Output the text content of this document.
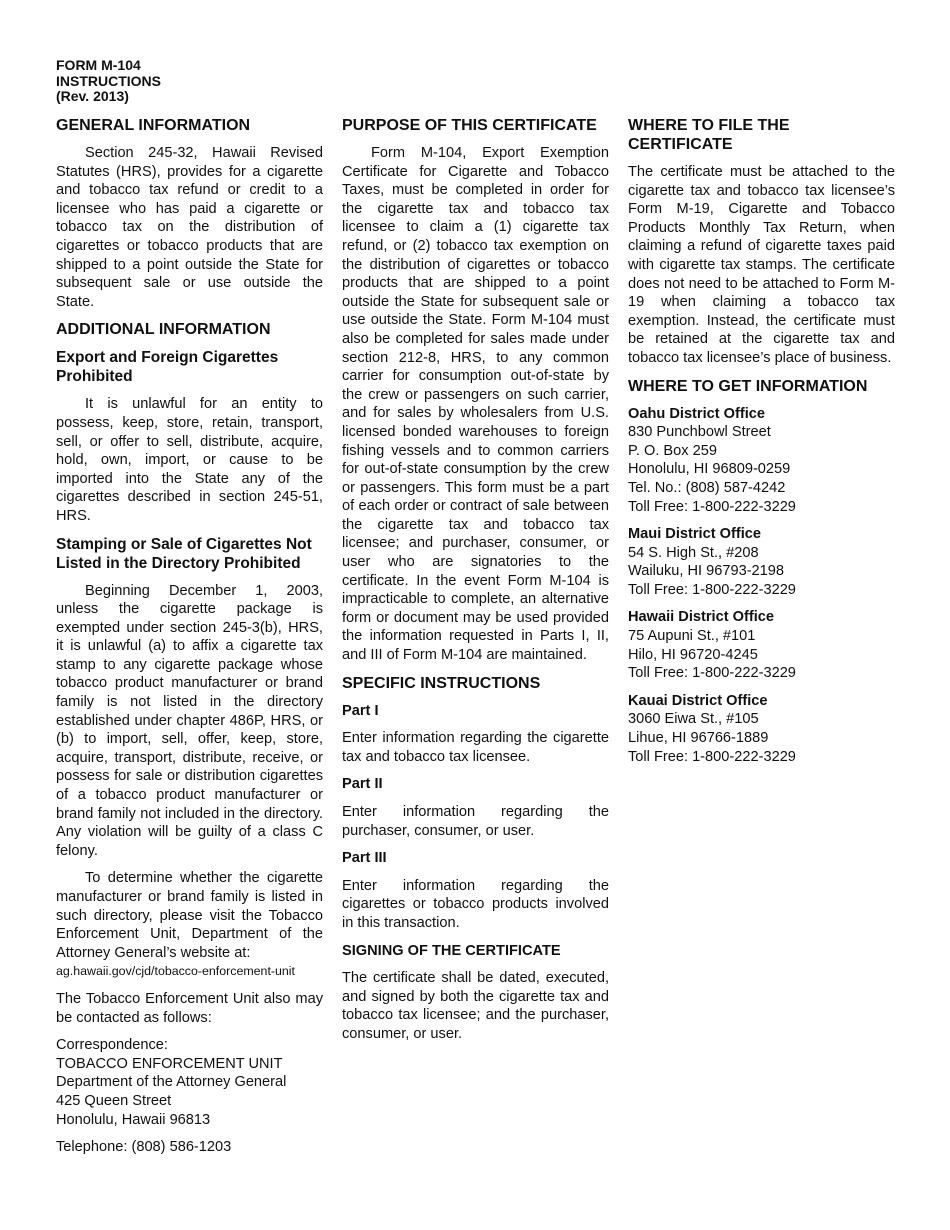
FORM M-104
INSTRUCTIONS
(Rev. 2013)
GENERAL INFORMATION

Section 245-32, Hawaii Revised Statutes (HRS), provides for a cigarette and tobacco tax refund or credit to a licensee who has paid a cigarette or tobacco tax on the distribution of cigarettes or tobacco products that are shipped to a point outside the State for subsequent sale or use outside the State.

ADDITIONAL INFORMATION
Export and Foreign Cigarettes Prohibited

It is unlawful for an entity to possess, keep, store, retain, transport, sell, or offer to sell, distribute, acquire, hold, own, import, or cause to be imported into the State any of the cigarettes described in section 245-51, HRS.

Stamping or Sale of Cigarettes Not Listed in the Directory Prohibited

Beginning December 1, 2003, unless the cigarette package is exempted under section 245-3(b), HRS, it is unlawful (a) to affix a cigarette tax stamp to any cigarette package whose tobacco product manufacturer or brand family is not listed in the directory established under chapter 486P, HRS, or (b) to import, sell, offer, keep, store, acquire, transport, distribute, receive, or possess for sale or distribution cigarettes of a tobacco product manufacturer or brand family not included in the directory. Any violation will be guilty of a class C felony.

To determine whether the cigarette manufacturer or brand family is listed in such directory, please visit the Tobacco Enforcement Unit, Department of the Attorney General’s website at:

ag.hawaii.gov/cjd/tobacco-enforcement-unit

The Tobacco Enforcement Unit also may be contacted as follows:

Correspondence:
TOBACCO ENFORCEMENT UNIT
Department of the Attorney General
425 Queen Street
Honolulu, Hawaii 96813
Telephone: (808) 586-1203
PURPOSE OF THIS CERTIFICATE

Form M-104, Export Exemption Certificate for Cigarette and Tobacco Taxes, must be completed in order for the cigarette tax and tobacco tax licensee to claim a (1) cigarette tax refund, or (2) tobacco tax exemption on the distribution of cigarettes or tobacco products that are shipped to a point outside the State for subsequent sale or use outside the State. Form M-104 must also be completed for sales made under section 212-8, HRS, to any common carrier for consumption out-of-state by the crew or passengers on such carrier, and for sales by wholesalers from U.S. licensed bonded warehouses to foreign fishing vessels and to common carriers for out-of-state consumption by the crew or passengers. This form must be a part of each order or contract of sale between the cigarette tax and tobacco tax licensee; and purchaser, consumer, or user who are signatories to the certificate. In the event Form M-104 is impracticable to complete, an alternative form or document may be used provided the information requested in Parts I, II, and III of Form M-104 are maintained.

SPECIFIC INSTRUCTIONS
Part I

Enter information regarding the cigarette tax and tobacco tax licensee.

Part II

Enter information regarding the purchaser, consumer, or user.

Part III

Enter information regarding the cigarettes or tobacco products involved in this transaction.

SIGNING OF THE CERTIFICATE

The certificate shall be dated, executed, and signed by both the cigarette tax and tobacco tax licensee; and the purchaser, consumer, or user.

WHERE TO FILE THE CERTIFICATE

The certificate must be attached to the cigarette tax and tobacco tax licensee’s Form M-19, Cigarette and Tobacco Products Monthly Tax Return, when claiming a refund of cigarette taxes paid with cigarette tax stamps. The certificate does not need to be attached to Form M-19 when claiming a tobacco tax exemption. Instead, the certificate must be retained at the cigarette tax and tobacco tax licensee’s place of business.

WHERE TO GET INFORMATION
Oahu District Office
830 Punchbowl Street
P. O. Box 259
Honolulu, HI 96809-0259
Tel. No.: (808) 587-4242
Toll Free: 1-800-222-3229
Maui District Office
54 S. High St., #208
Wailuku, HI 96793-2198
Toll Free: 1-800-222-3229
Hawaii District Office
75 Aupuni St., #101
Hilo, HI 96720-4245
Toll Free: 1-800-222-3229
Kauai District Office
3060 Eiwa St., #105
Lihue, HI 96766-1889
Toll Free: 1-800-222-3229
